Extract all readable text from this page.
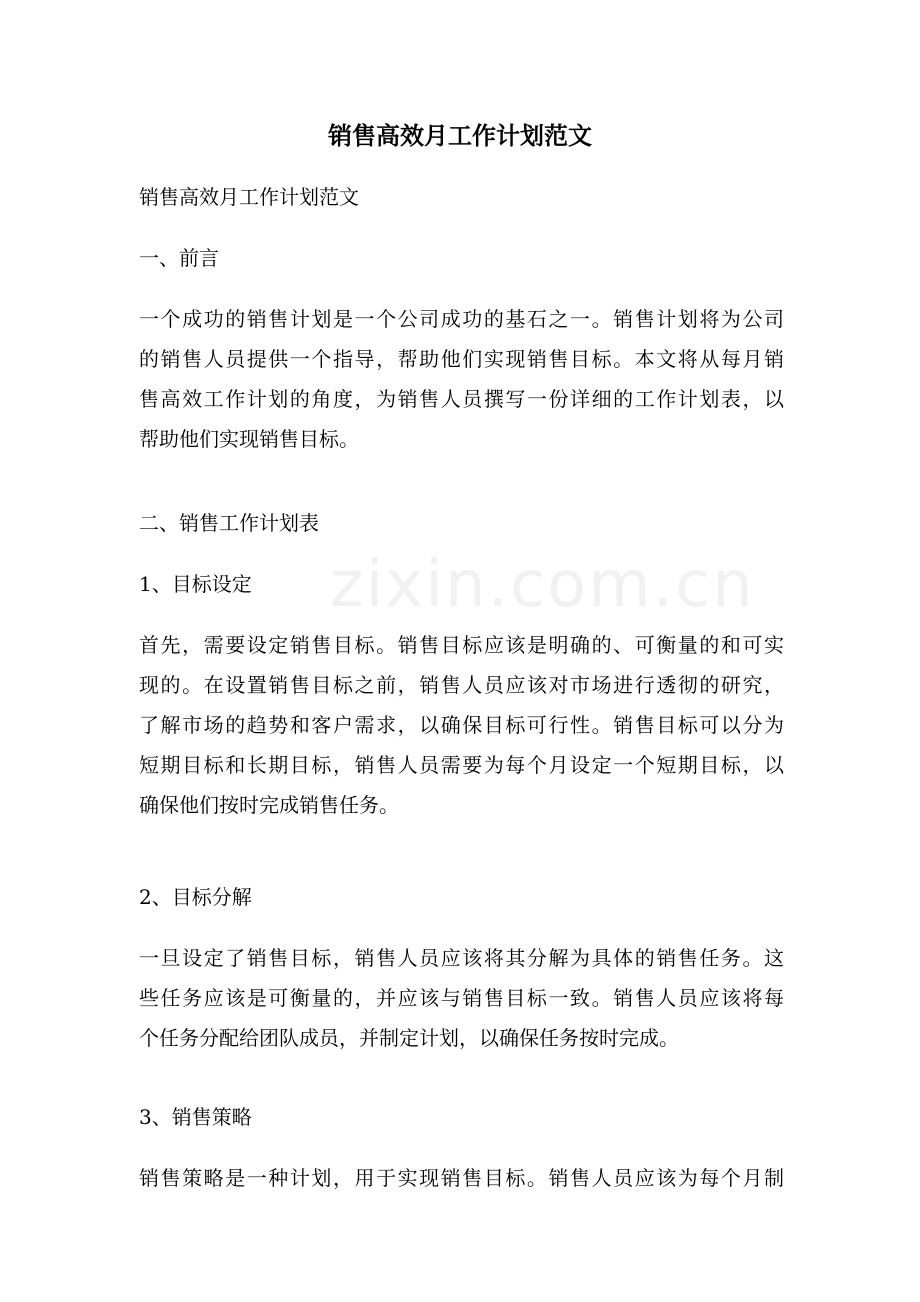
zixin.com.cn
销售高效月工作计划范文
销售高效月工作计划范文
一、前言
一个成功的销售计划是一个公司成功的基石之一。销售计划将为公司
的销售人员提供一个指导，帮助他们实现销售目标。本文将从每月销
售高效工作计划的角度，为销售人员撰写一份详细的工作计划表，以
帮助他们实现销售目标。
二、销售工作计划表
1、目标设定
首先，需要设定销售目标。销售目标应该是明确的、可衡量的和可实
现的。在设置销售目标之前，销售人员应该对市场进行透彻的研究，
了解市场的趋势和客户需求，以确保目标可行性。销售目标可以分为
短期目标和长期目标，销售人员需要为每个月设定一个短期目标，以
确保他们按时完成销售任务。
2、目标分解
一旦设定了销售目标，销售人员应该将其分解为具体的销售任务。这
些任务应该是可衡量的，并应该与销售目标一致。销售人员应该将每
个任务分配给团队成员，并制定计划，以确保任务按时完成。
3、销售策略
销售策略是一种计划，用于实现销售目标。销售人员应该为每个月制
